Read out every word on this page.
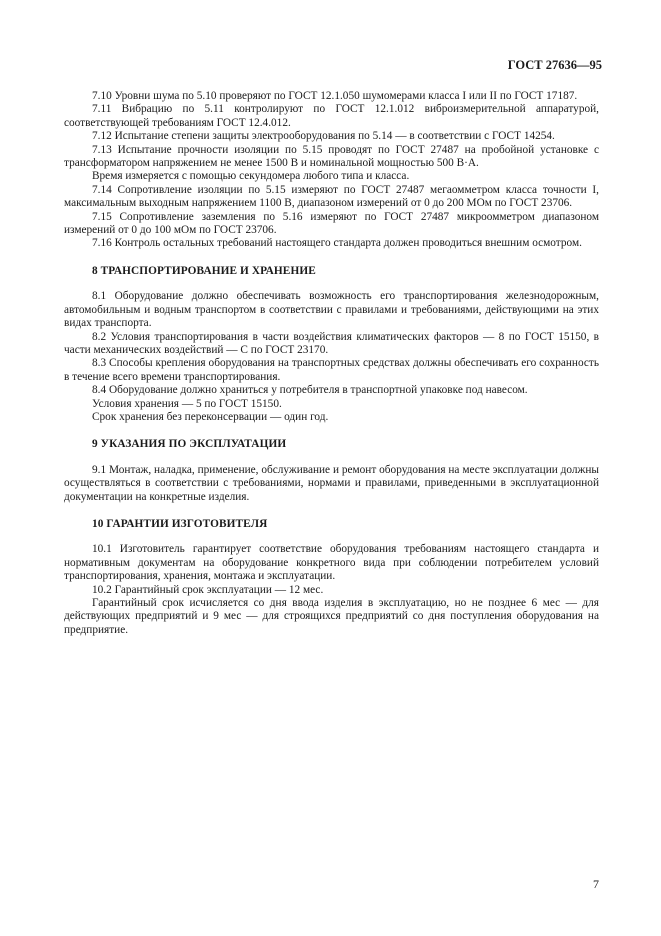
ГОСТ 27636—95

7.10 Уровни шума по 5.10 проверяют по ГОСТ 12.1.050 шумомерами класса I или II по ГОСТ 17187.

7.11 Вибрацию по 5.11 контролируют по ГОСТ 12.1.012 виброизмерительной аппаратурой, соответствующей требованиям ГОСТ 12.4.012.

7.12 Испытание степени защиты электрооборудования по 5.14 — в соответствии с ГОСТ 14254.

7.13 Испытание прочности изоляции по 5.15 проводят по ГОСТ 27487 на пробойной установке с трансформатором напряжением не менее 1500 В и номинальной мощностью 500 В·А.

Время измеряется с помощью секундомера любого типа и класса.

7.14 Сопротивление изоляции по 5.15 измеряют по ГОСТ 27487 мегаомметром класса точности I, максимальным выходным напряжением 1100 В, диапазоном измерений от 0 до 200 МОм по ГОСТ 23706.

7.15 Сопротивление заземления по 5.16 измеряют по ГОСТ 27487 микроомметром диапазоном измерений от 0 до 100 мОм по ГОСТ 23706.

7.16 Контроль остальных требований настоящего стандарта должен проводиться внешним осмотром.

8 ТРАНСПОРТИРОВАНИЕ И ХРАНЕНИЕ

8.1 Оборудование должно обеспечивать возможность его транспортирования железнодорожным, автомобильным и водным транспортом в соответствии с правилами и требованиями, действующими на этих видах транспорта.

8.2 Условия транспортирования в части воздействия климатических факторов — 8 по ГОСТ 15150, в части механических воздействий — С по ГОСТ 23170.

8.3 Способы крепления оборудования на транспортных средствах должны обеспечивать его сохранность в течение всего времени транспортирования.

8.4 Оборудование должно храниться у потребителя в транспортной упаковке под навесом.

Условия хранения — 5 по ГОСТ 15150.

Срок хранения без переконсервации — один год.

9 УКАЗАНИЯ ПО ЭКСПЛУАТАЦИИ

9.1 Монтаж, наладка, применение, обслуживание и ремонт оборудования на месте эксплуатации должны осуществляться в соответствии с требованиями, нормами и правилами, приведенными в эксплуатационной документации на конкретные изделия.

10 ГАРАНТИИ ИЗГОТОВИТЕЛЯ

10.1 Изготовитель гарантирует соответствие оборудования требованиям настоящего стандарта и нормативным документам на оборудование конкретного вида при соблюдении потребителем условий транспортирования, хранения, монтажа и эксплуатации.

10.2 Гарантийный срок эксплуатации — 12 мес.

Гарантийный срок исчисляется со дня ввода изделия в эксплуатацию, но не позднее 6 мес — для действующих предприятий и 9 мес — для строящихся предприятий со дня поступления оборудования на предприятие.

7
